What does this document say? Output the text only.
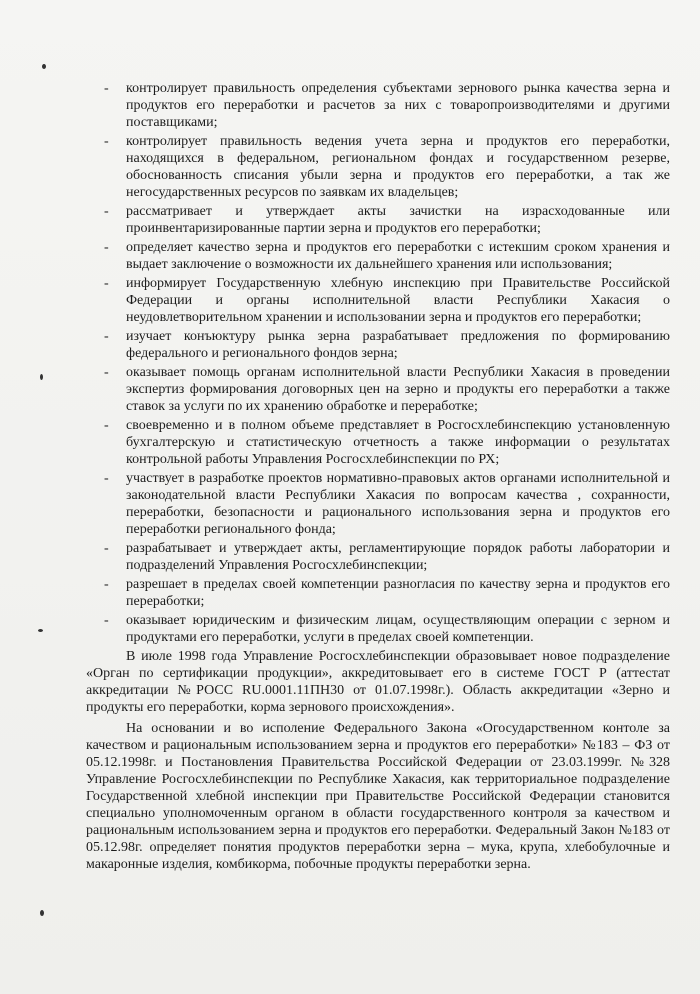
- контролирует правильность определения субъектами зернового рынка качества зерна и продуктов его переработки и расчетов за них с товаропроизводителями и другими поставщиками;
- контролирует правильность ведения учета зерна и продуктов его переработки, находящихся в федеральном, региональном фондах и государственном резерве, обоснованность списания убыли зерна и продуктов его переработки, а так же негосударственных ресурсов по заявкам их владельцев;
- рассматривает и утверждает акты зачистки на израсходованные или проинвентаризированные партии зерна и продуктов его переработки;
- определяет качество зерна и продуктов его переработки с истекшим сроком хранения и выдает заключение о возможности их дальнейшего хранения или использования;
- информирует Государственную хлебную инспекцию при Правительстве Российской Федерации и органы исполнительной власти Республики Хакасия о неудовлетворительном хранении и использовании зерна и продуктов его переработки;
- изучает конъюктуру рынка зерна разрабатывает предложения по формированию федерального и регионального фондов зерна;
- оказывает помощь органам исполнительной власти Республики Хакасия в проведении экспертиз формирования договорных цен на зерно и продукты его переработки а также ставок за услуги по их хранению обработке и переработке;
- своевременно и в полном объеме представляет в Росгосхлебинспекцию установленную бухгалтерскую и статистическую отчетность а также информации о результатах контрольной работы Управления Росгосхлебинспекции по РХ;
- участвует в разработке проектов нормативно-правовых актов органами исполнительной и законодательной власти Республики Хакасия по вопросам качества , сохранности, переработки, безопасности и рационального использования зерна и продуктов его переработки регионального фонда;
- разрабатывает и утверждает акты, регламентирующие порядок работы лаборатории и подразделений Управления Росгосхлебинспекции;
- разрешает в пределах своей компетенции разногласия по качеству зерна и продуктов его переработки;
- оказывает юридическим и физическим лицам, осуществляющим операции с зерном и продуктами его переработки, услуги в пределах своей компетенции.

В июле 1998 года Управление Росгосхлебинспекции образовывает новое подразделение «Орган по сертификации продукции», аккредитовывает его в системе ГОСТ Р (аттестат аккредитации №РОСС RU.0001.11ПН30 от 01.07.1998г.). Область аккредитации «Зерно и продукты его переработки, корма зернового происхождения».

На основании и во исполение Федерального Закона «Огосударственном контоле за качеством и рациональным использованием зерна и продуктов его переработки» №183 – ФЗ от 05.12.1998г. и Постановления Правительства Российской Федерации от 23.03.1999г. №328 Управление Росгосхлебинспекции по Республике Хакасия, как территориальное подразделение Государственной хлебной инспекции при Правительстве Российской Федерации становится специально уполномоченным органом в области государственного контроля за качеством и рациональным использованием зерна и продуктов его переработки. Федеральный Закон №183 от 05.12.98г. определяет понятия продуктов переработки зерна – мука, крупа, хлебобулочные и макаронные изделия, комбикорма, побочные продукты переработки зерна.
